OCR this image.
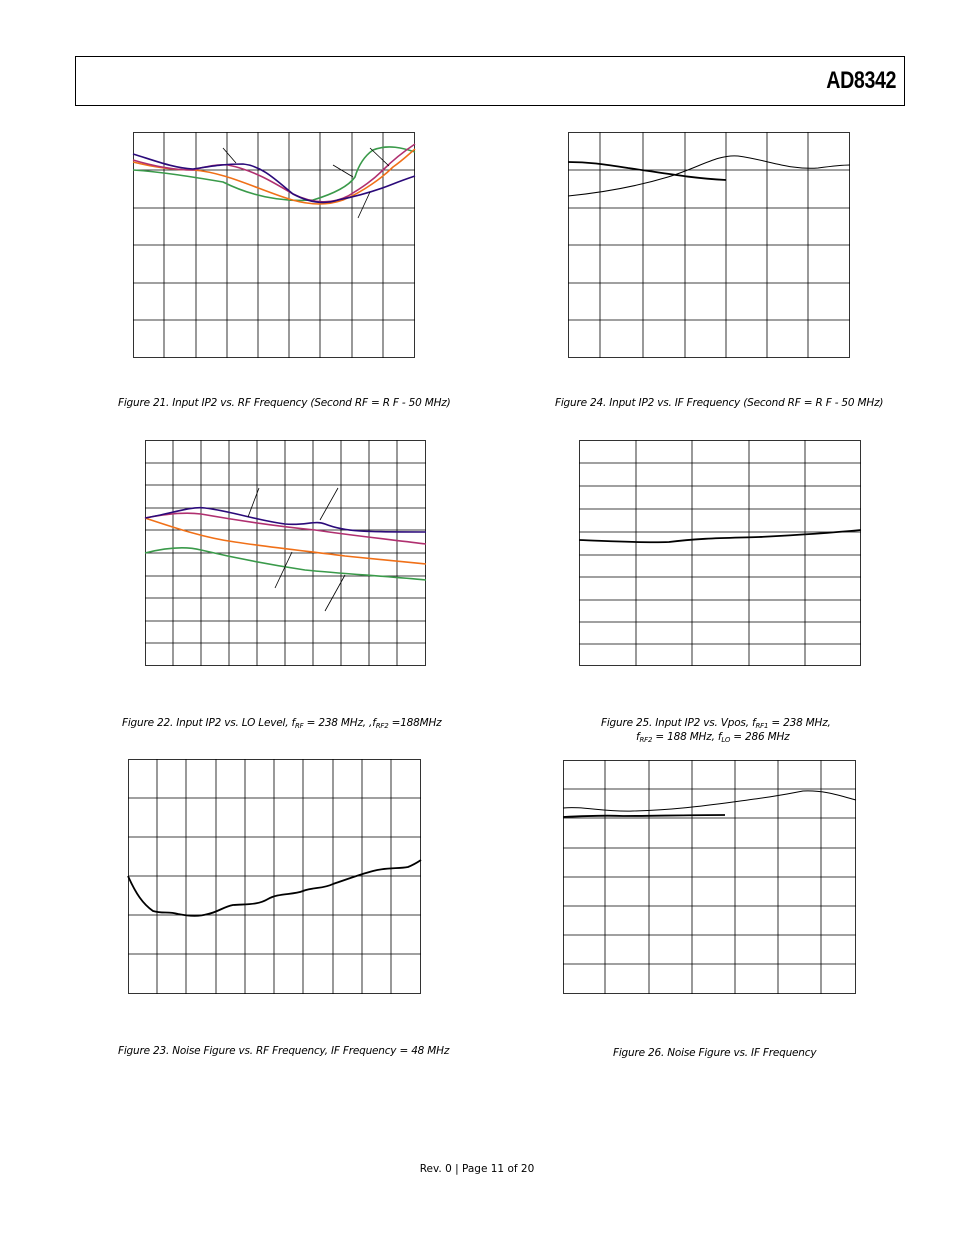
AD8342
Figure 21. Input IP2 vs. RF Frequency (Second RF = R F - 50 MHz)	Figure 24. Input IP2 vs. IF Frequency (Second RF = R F - 50 MHz)
Figure 22. Input IP2 vs. LO Level, $f_{RF} = 238$ MHz, $,f_{RF2} =188MHz$	Figure 25. Input IP2 vs. Vpos, $f_{RF1} = 238$ MHz,
$f_{RF2} = 188$ MHz, $f_{LO} = 286$ MHz
Figure 23. Noise Figure vs. RF Frequency, IF Frequency = 48 MHz	Figure 26. Noise Figure vs. IF Frequency
Rev. 0 | Page 11 of 20
